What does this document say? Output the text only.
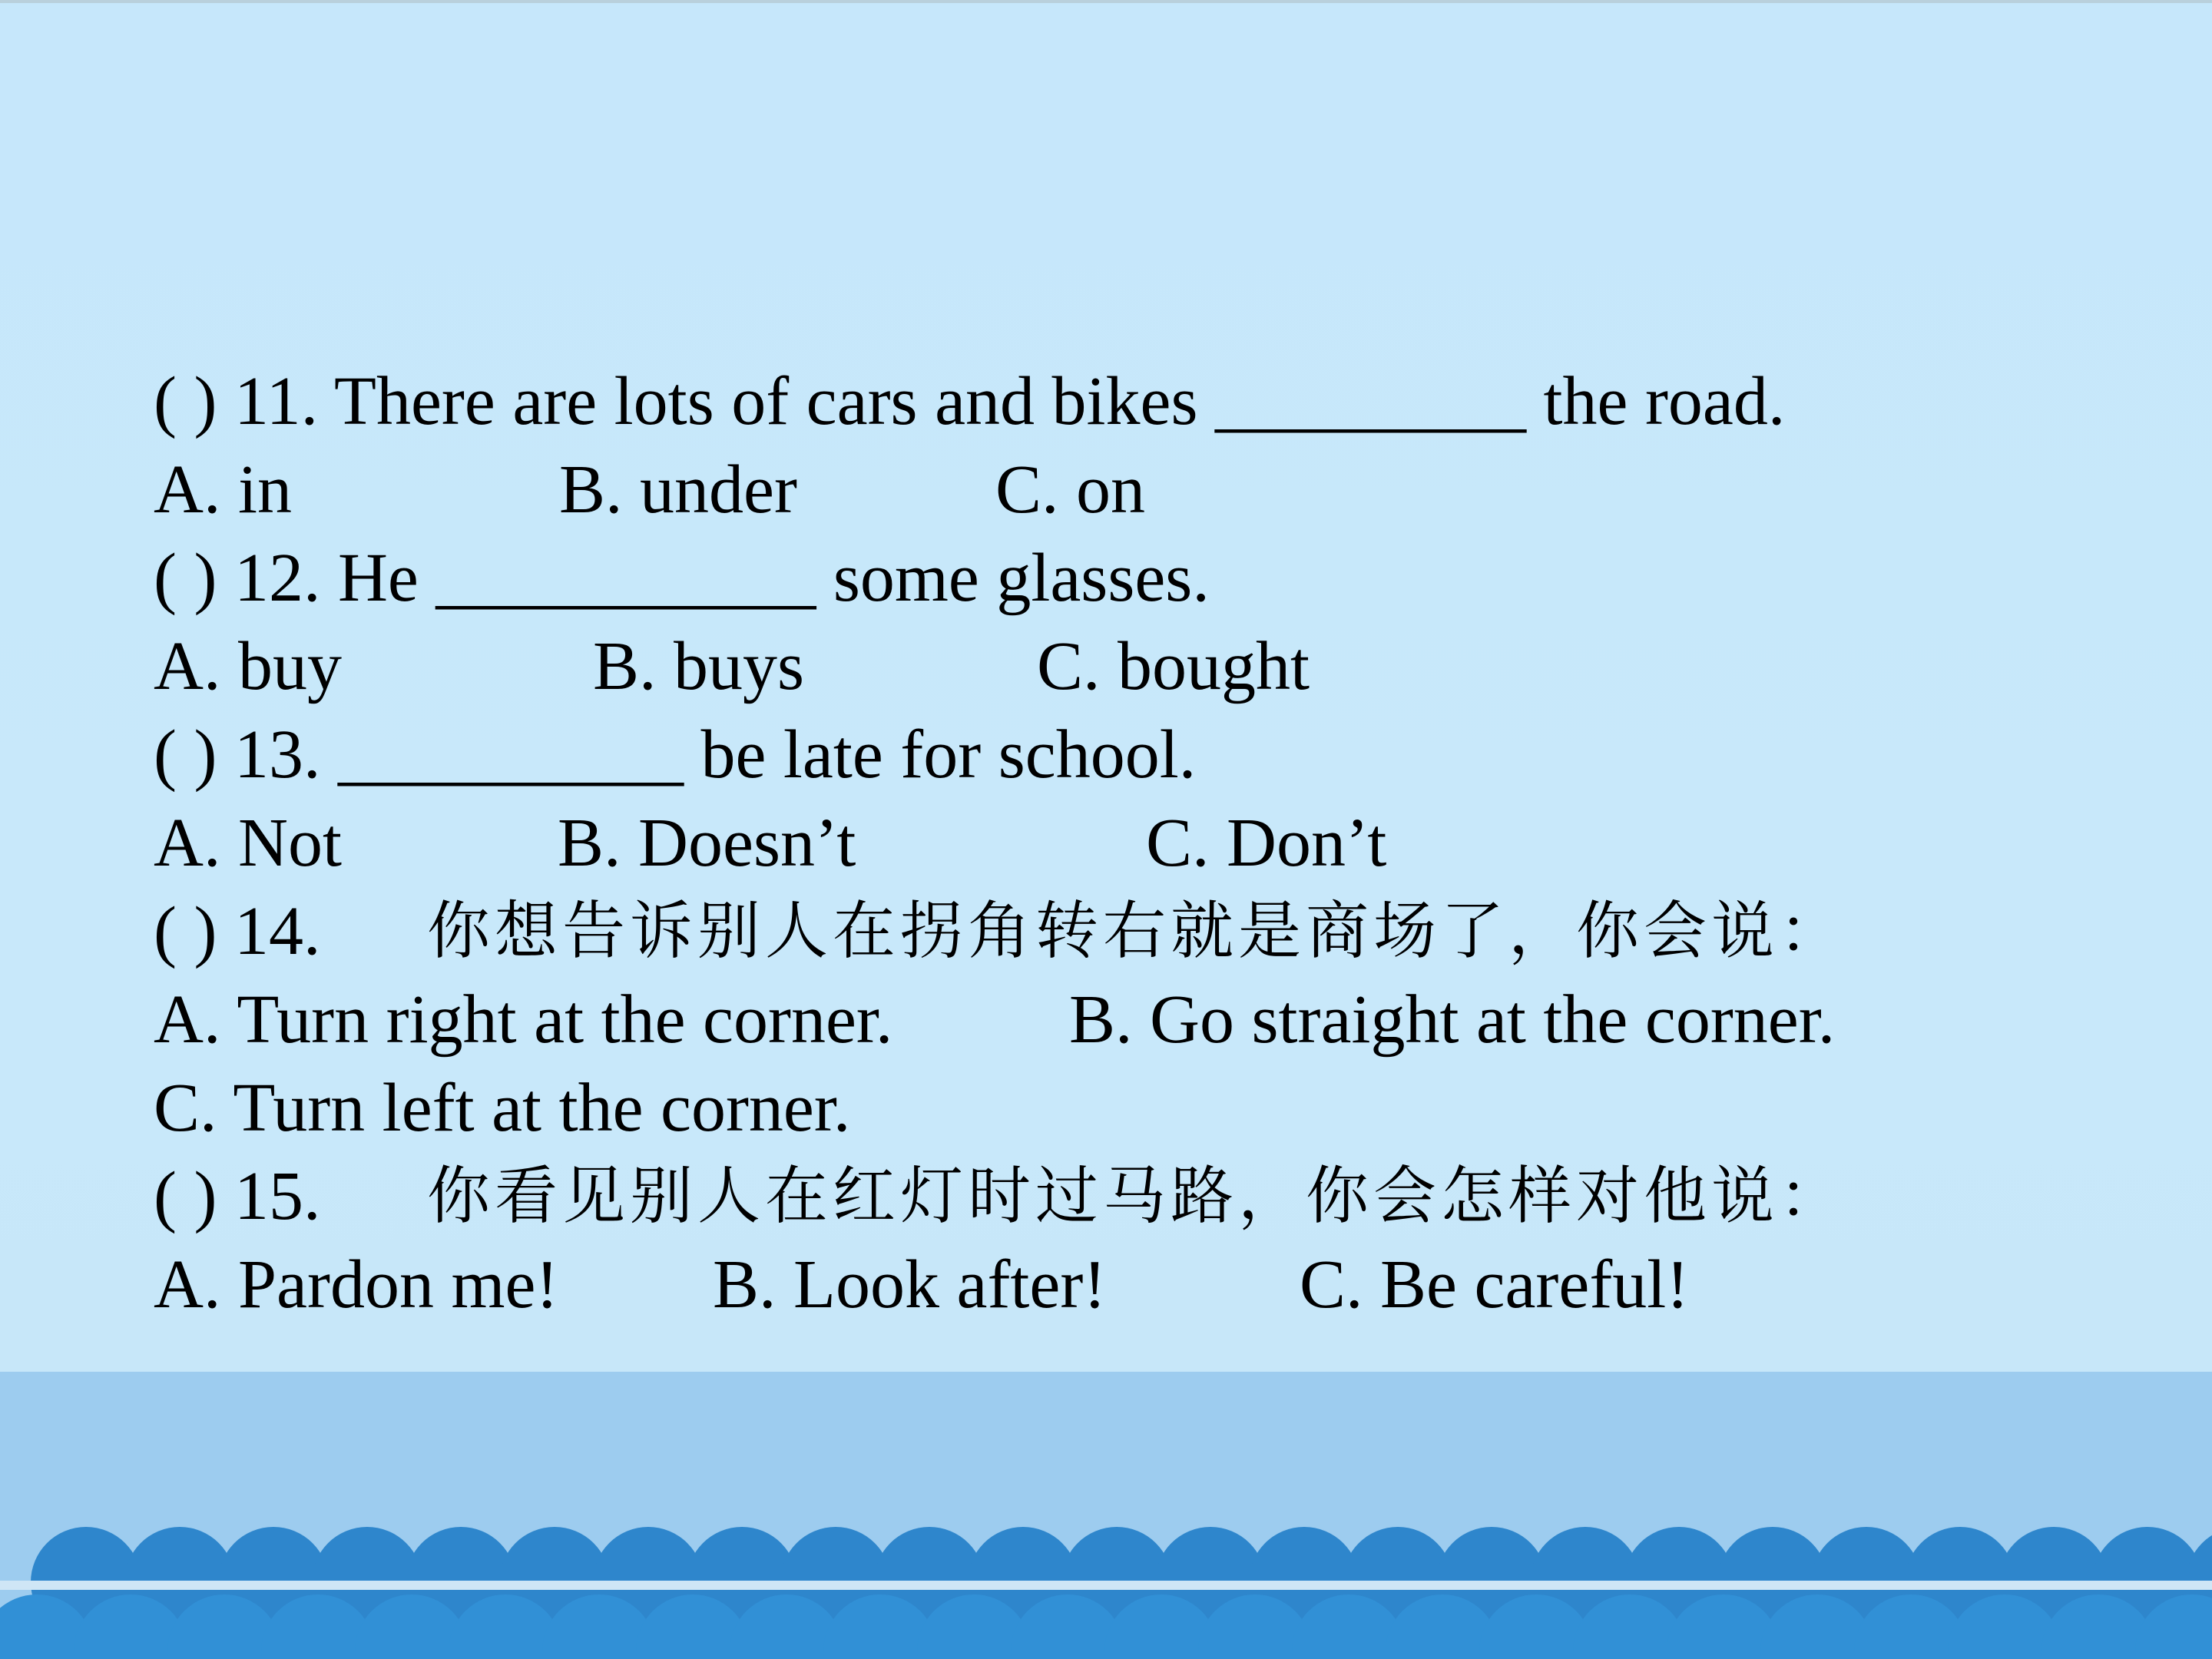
( ) 11. There are lots of cars and bikes _________ the road.
A. in	B. under	C. on
( ) 12. He ___________ some glasses.
A. buy	B. buys	C. bought
( ) 13. __________ be late for school.
A. Not	B. Doesn’t	C. Don’t
( ) 14. 你想告诉别人在拐角转右就是商场了，你会说：
A. Turn right at the corner.	B. Go straight at the corner.
C. Turn left at the corner.
( ) 15. 你看见别人在红灯时过马路，你会怎样对他说：
A. Pardon me! B. Look after!	C. Be careful!
